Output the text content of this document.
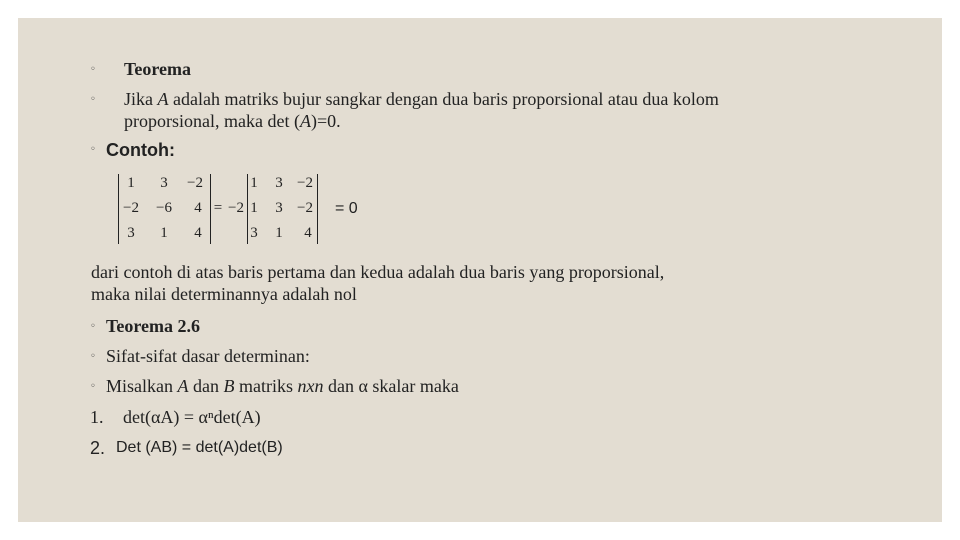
◦ Teorema
◦ Jika A adalah matriks bujur sangkar dengan dua baris proporsional atau dua kolom
proporsional, maka det (A)=0.
◦ Contoh:
1	3	−2
−2	−6	4
3	1	4
= −2
1	3 −2
1	3 −2
3	1	4
= 0
dari contoh di atas baris pertama dan kedua adalah dua baris yang proporsional,
maka nilai determinannya adalah nol
◦ Teorema 2.6
◦ Sifat-sifat dasar determinan:
◦ Misalkan A dan B matriks nxn dan α skalar maka
1. det(αA) = αⁿdet(A)
2. Det (AB) = det(A)det(B)
